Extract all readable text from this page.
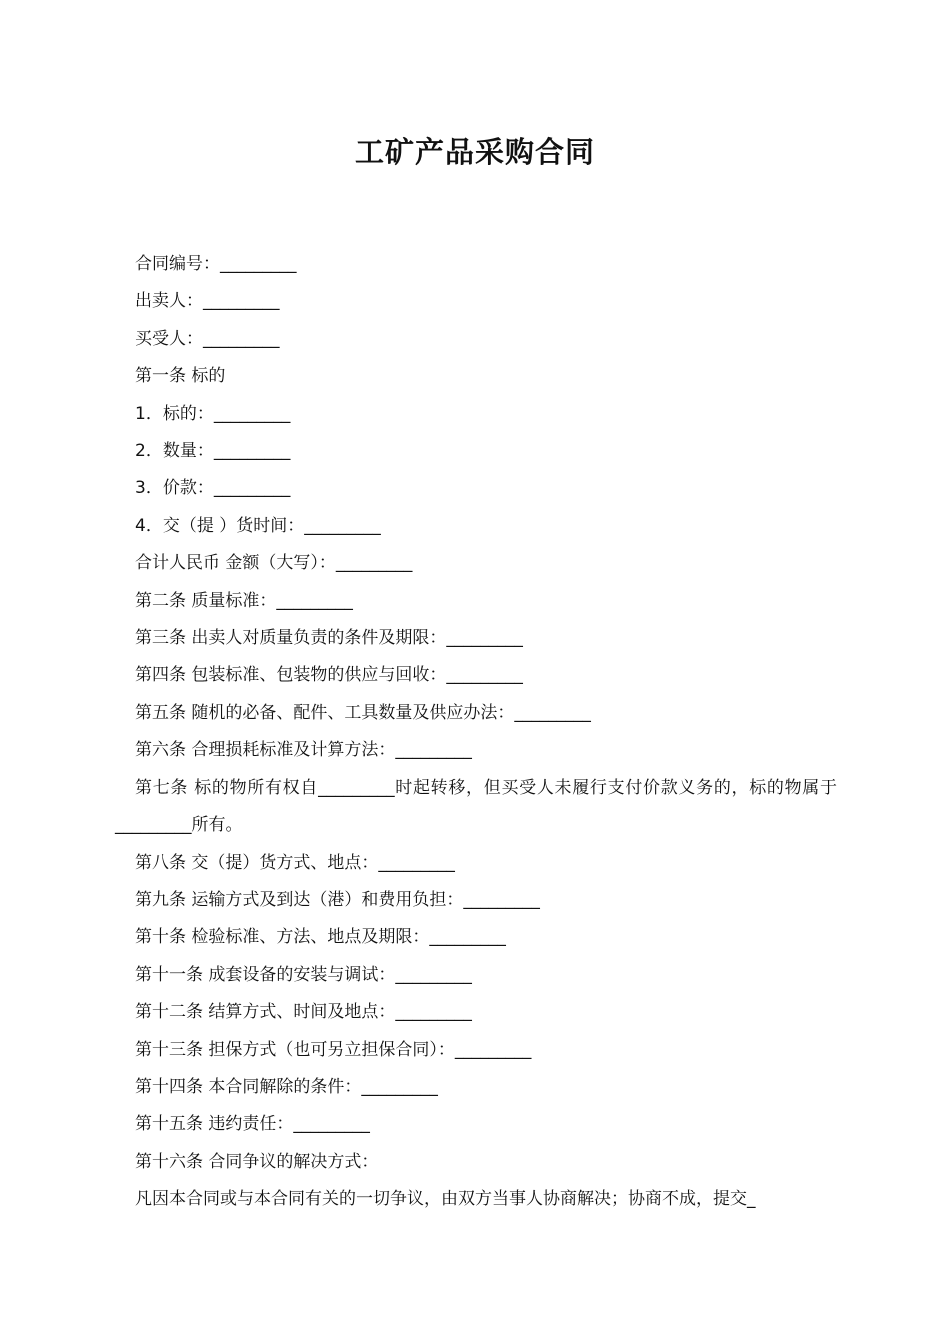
工矿产品采购合同
合同编号：_________
出卖人：_________
买受人：_________
第一条 标的
1．标的：_________
2．数量：_________
3．价款：_________
4．交（提 ）货时间：_________
合计人民币 金额（大写）：_________
第二条 质量标准：_________
第三条 出卖人对质量负责的条件及期限：_________
第四条 包装标准、包装物的供应与回收：_________
第五条 随机的必备、配件、工具数量及供应办法：_________
第六条 合理损耗标准及计算方法：_________
第七条 标的物所有权自_________时起转移，但买受人未履行支付价款义务的，标的物属于_________所有。
第八条 交（提）货方式、地点：_________
第九条 运输方式及到达（港）和费用负担：_________
第十条 检验标准、方法、地点及期限：_________
第十一条 成套设备的安装与调试：_________
第十二条 结算方式、时间及地点：_________
第十三条 担保方式（也可另立担保合同）：_________
第十四条 本合同解除的条件：_________
第十五条 违约责任：_________
第十六条 合同争议的解决方式：
凡因本合同或与本合同有关的一切争议，由双方当事人协商解决；协商不成，提交_
